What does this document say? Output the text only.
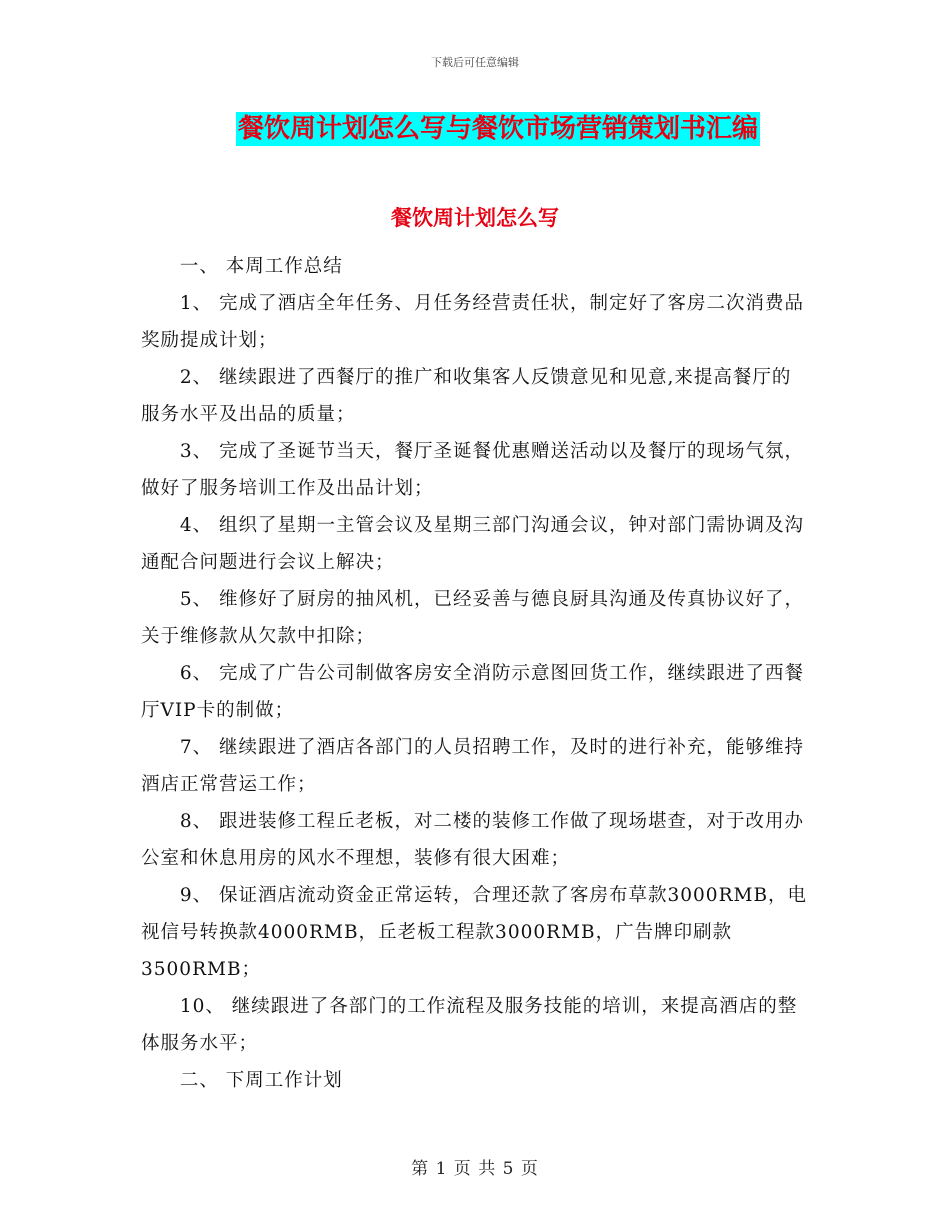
下载后可任意编辑
餐饮周计划怎么写与餐饮市场营销策划书汇编
餐饮周计划怎么写

一、 本周工作总结

1、 完成了酒店全年任务、月任务经营责任状，制定好了客房二次消费品奖励提成计划；

2、 继续跟进了西餐厅的推广和收集客人反馈意见和见意,来提高餐厅的服务水平及出品的质量；

3、 完成了圣诞节当天，餐厅圣诞餐优惠赠送活动以及餐厅的现场气氛，做好了服务培训工作及出品计划；

4、 组织了星期一主管会议及星期三部门沟通会议，钟对部门需协调及沟通配合问题进行会议上解决；

5、 维修好了厨房的抽风机，已经妥善与德良厨具沟通及传真协议好了，关于维修款从欠款中扣除；

6、 完成了广告公司制做客房安全消防示意图回货工作，继续跟进了西餐厅VIP卡的制做；

7、 继续跟进了酒店各部门的人员招聘工作，及时的进行补充，能够维持酒店正常营运工作；

8、 跟进装修工程丘老板，对二楼的装修工作做了现场堪查，对于改用办公室和休息用房的风水不理想，装修有很大困难；

9、 保证酒店流动资金正常运转，合理还款了客房布草款3000RMB，电视信号转换款4000RMB，丘老板工程款3000RMB，广告牌印刷款3500RMB；

10、 继续跟进了各部门的工作流程及服务技能的培训，来提高酒店的整体服务水平；

二、 下周工作计划

第 1 页 共 5 页
